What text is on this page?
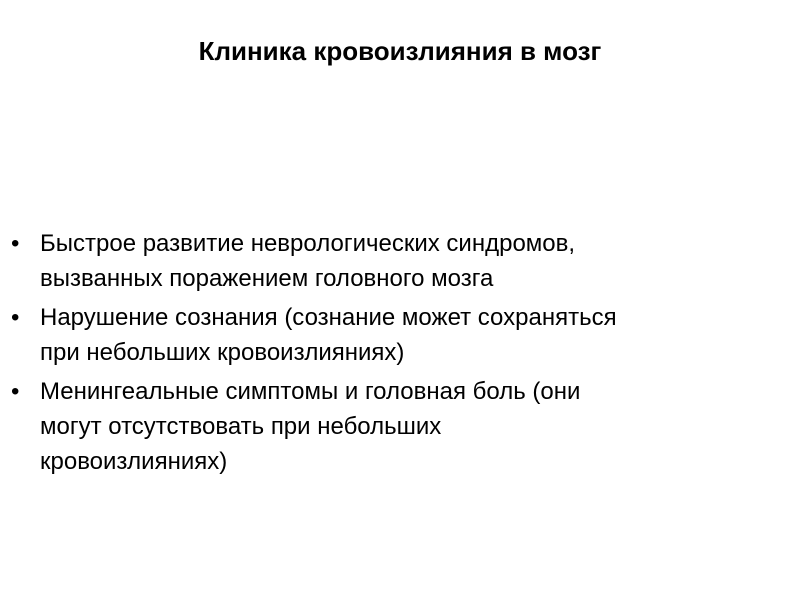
Клиника кровоизлияния в мозг
• Быстрое развитие неврологических синдромов,
вызванных поражением головного мозга
• Нарушение сознания (сознание может сохраняться
при небольших кровоизлияниях)
• Менингеальные симптомы и головная боль (они
могут отсутствовать при небольших
кровоизлияниях)
